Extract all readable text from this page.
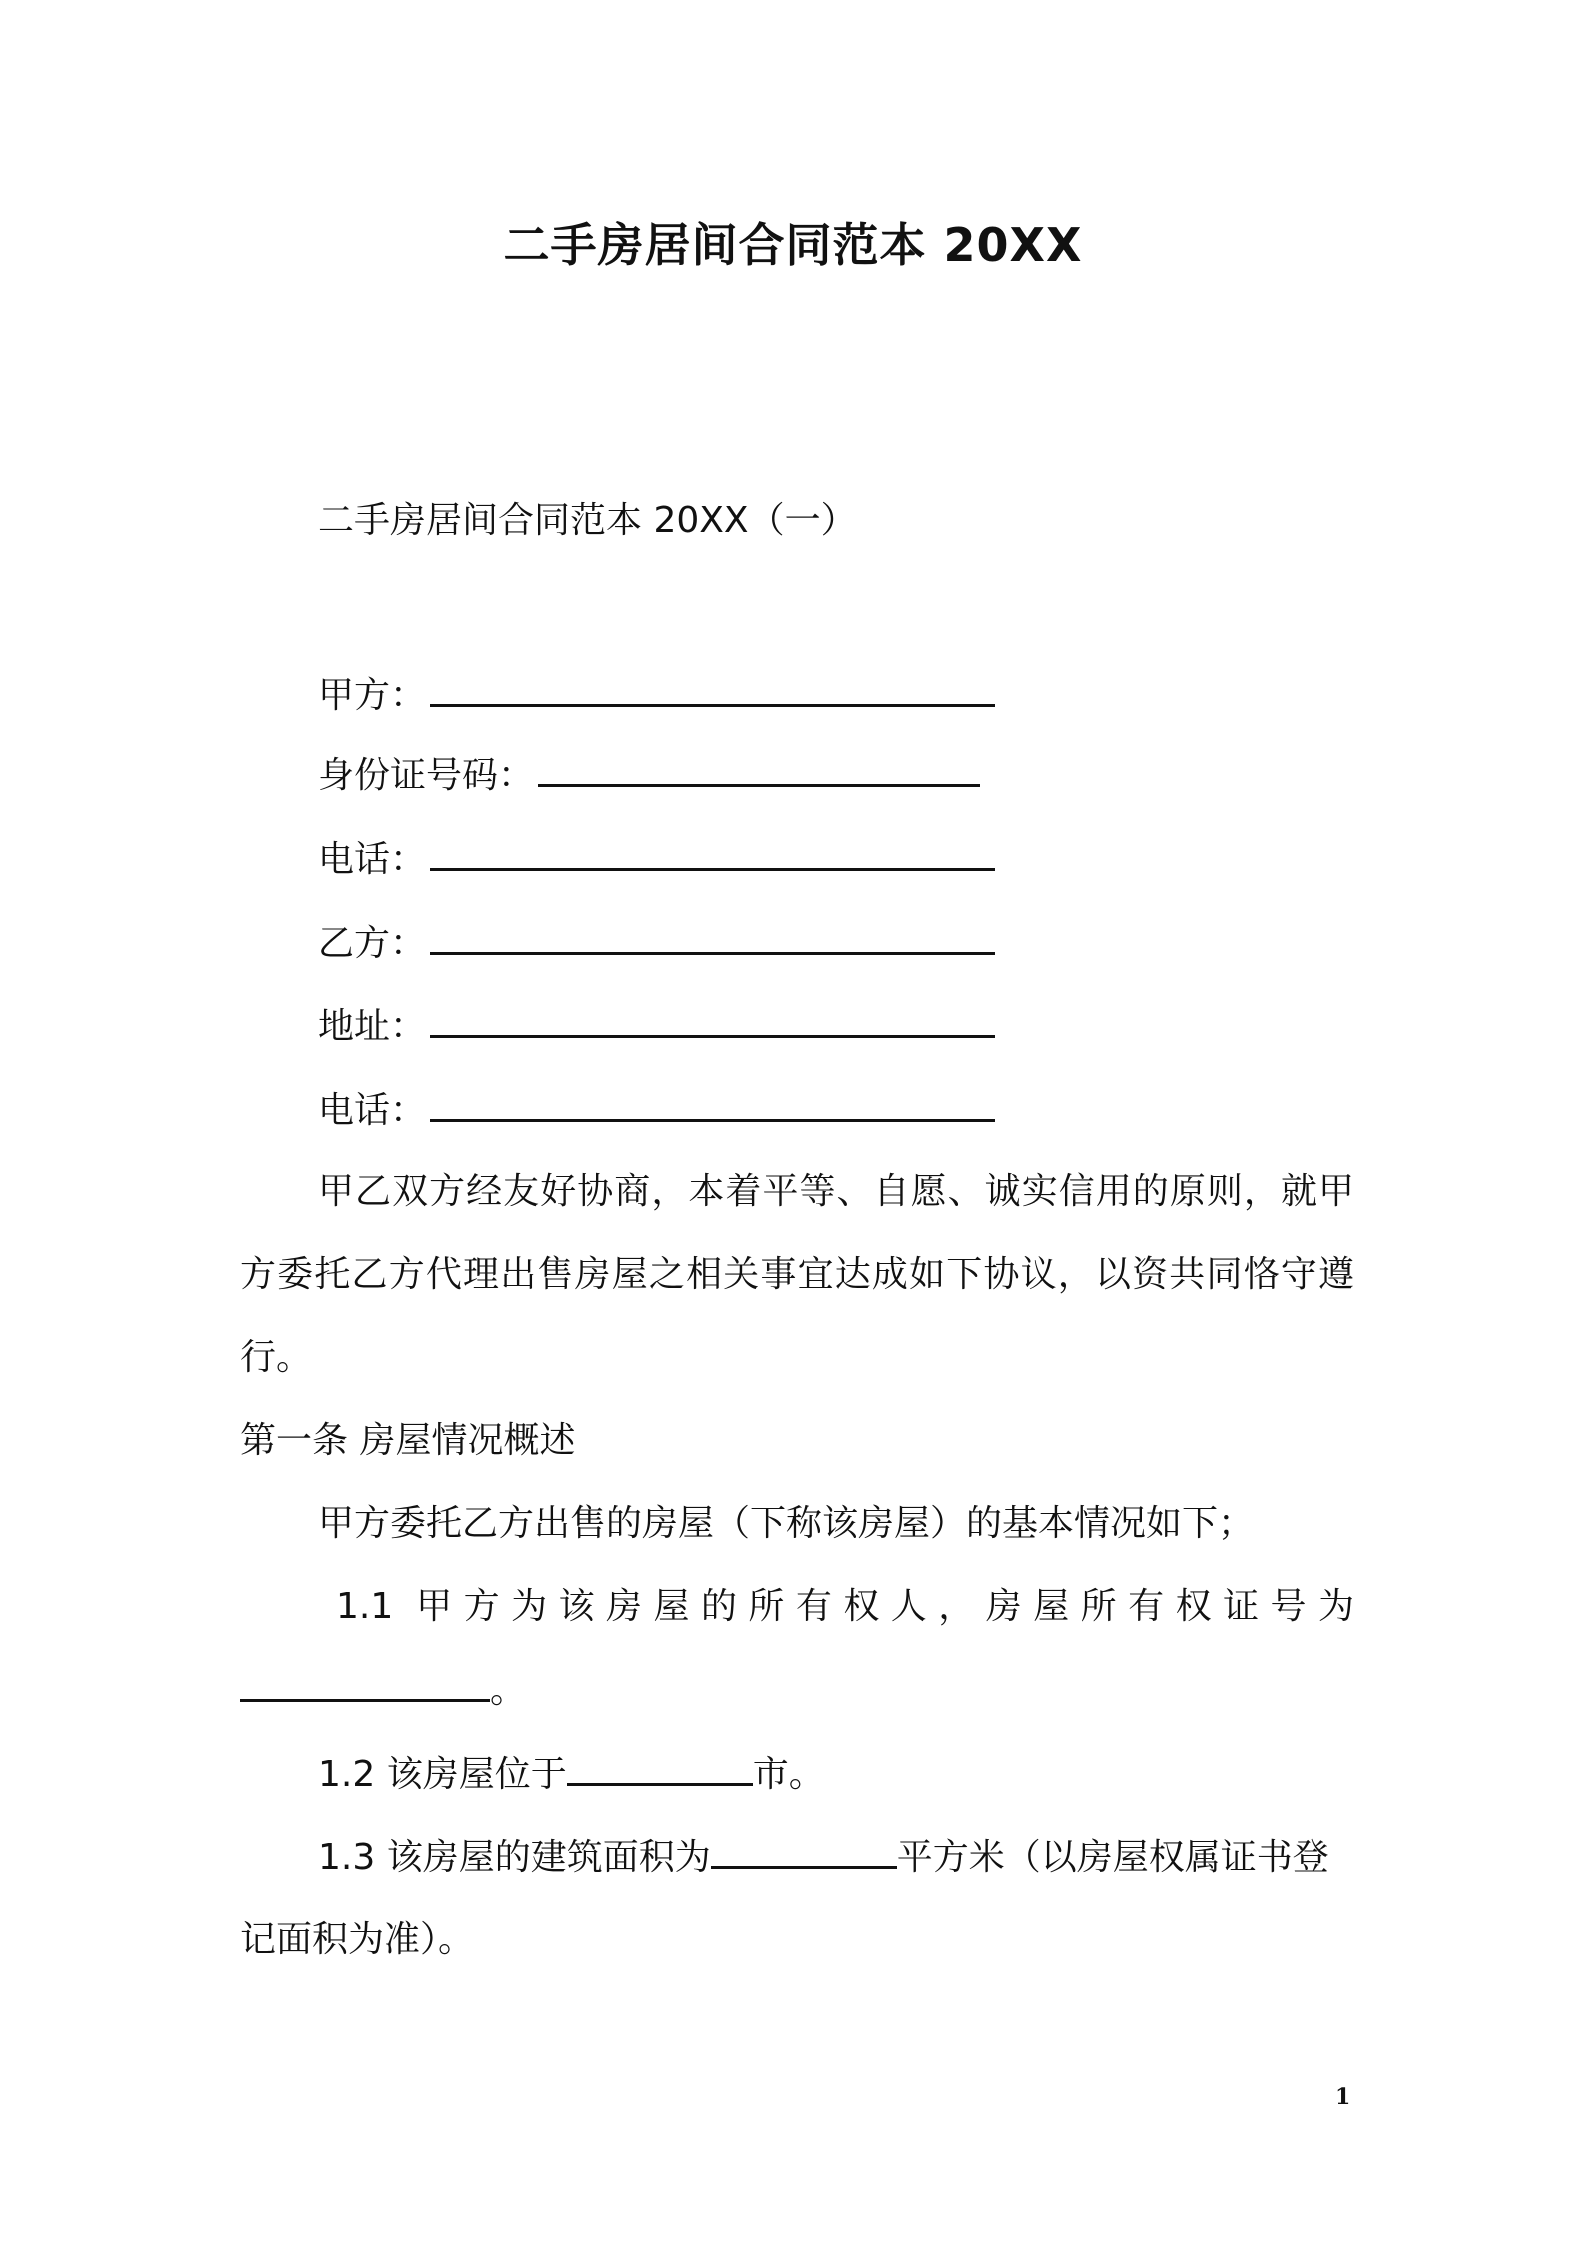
二手房居间合同范本 20XX
二手房居间合同范本 20XX（一）
甲方：
身份证号码：
电话：
乙方：
地址：
电话：
甲乙双方经友好协商，本着平等、自愿、诚实信用的原则，就甲
方委托乙方代理出售房屋之相关事宜达成如下协议，以资共同恪守遵
行。
第一条 房屋情况概述
甲方委托乙方出售的房屋（下称该房屋）的基本情况如下；
1.1 甲方为该房屋的所有权人，房屋所有权证号为
。
1.2 该房屋位于	市。
1.3 该房屋的建筑面积为	平方米（以房屋权属证书登
记面积为准）。
1
